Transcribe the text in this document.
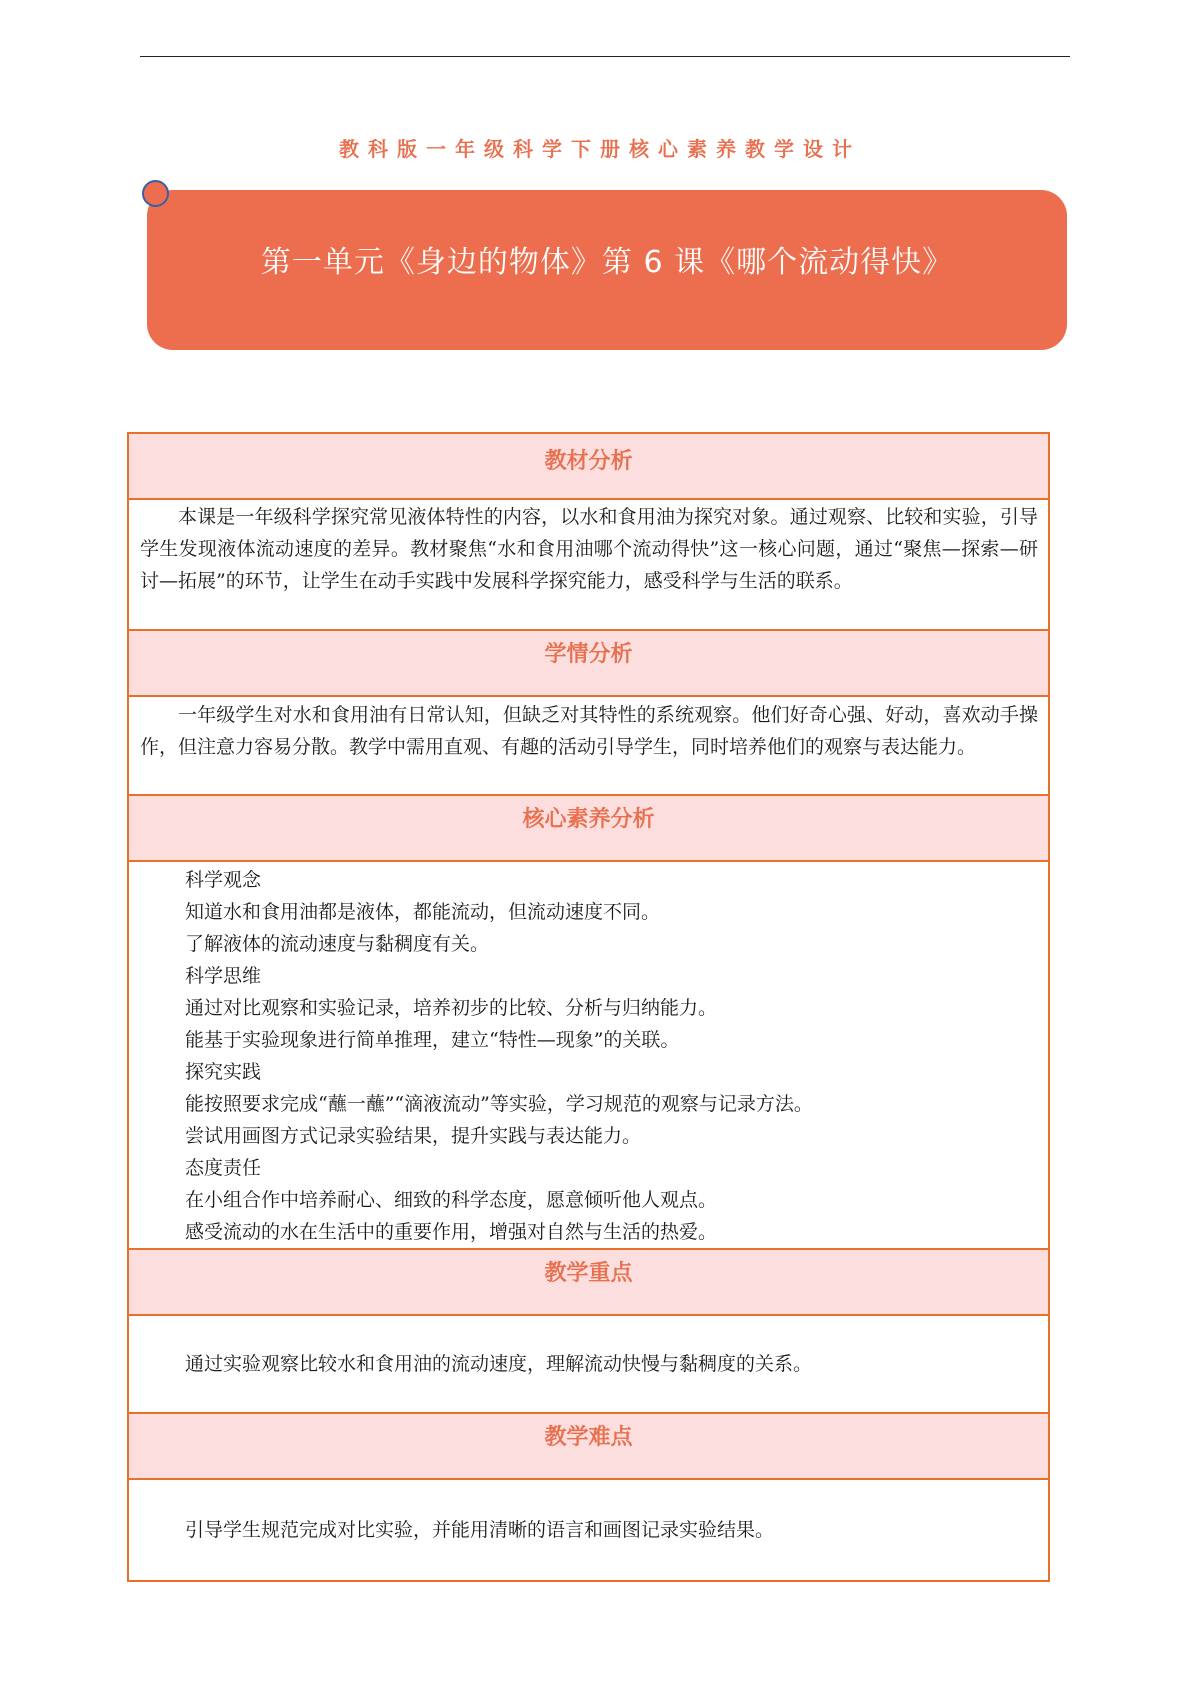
教科版一年级科学下册核心素养教学设计
第一单元《身边的物体》第 6 课《哪个流动得快》
教材分析

本课是一年级科学探究常见液体特性的内容，以水和食用油为探究对象。通过观察、比较和实验，引导学生发现液体流动速度的差异。教材聚焦“水和食用油哪个流动得快”这一核心问题，通过“聚焦—探索—研讨—拓展”的环节，让学生在动手实践中发展科学探究能力，感受科学与生活的联系。

学情分析

一年级学生对水和食用油有日常认知，但缺乏对其特性的系统观察。他们好奇心强、好动，喜欢动手操作，但注意力容易分散。教学中需用直观、有趣的活动引导学生，同时培养他们的观察与表达能力。

核心素养分析

科学观念

知道水和食用油都是液体，都能流动，但流动速度不同。

了解液体的流动速度与黏稠度有关。

科学思维

通过对比观察和实验记录，培养初步的比较、分析与归纳能力。

能基于实验现象进行简单推理，建立“特性—现象”的关联。

探究实践

能按照要求完成“蘸一蘸”“滴液流动”等实验，学习规范的观察与记录方法。

尝试用画图方式记录实验结果，提升实践与表达能力。

态度责任

在小组合作中培养耐心、细致的科学态度，愿意倾听他人观点。

感受流动的水在生活中的重要作用，增强对自然与生活的热爱。

教学重点

通过实验观察比较水和食用油的流动速度，理解流动快慢与黏稠度的关系。

教学难点

引导学生规范完成对比实验，并能用清晰的语言和画图记录实验结果。
